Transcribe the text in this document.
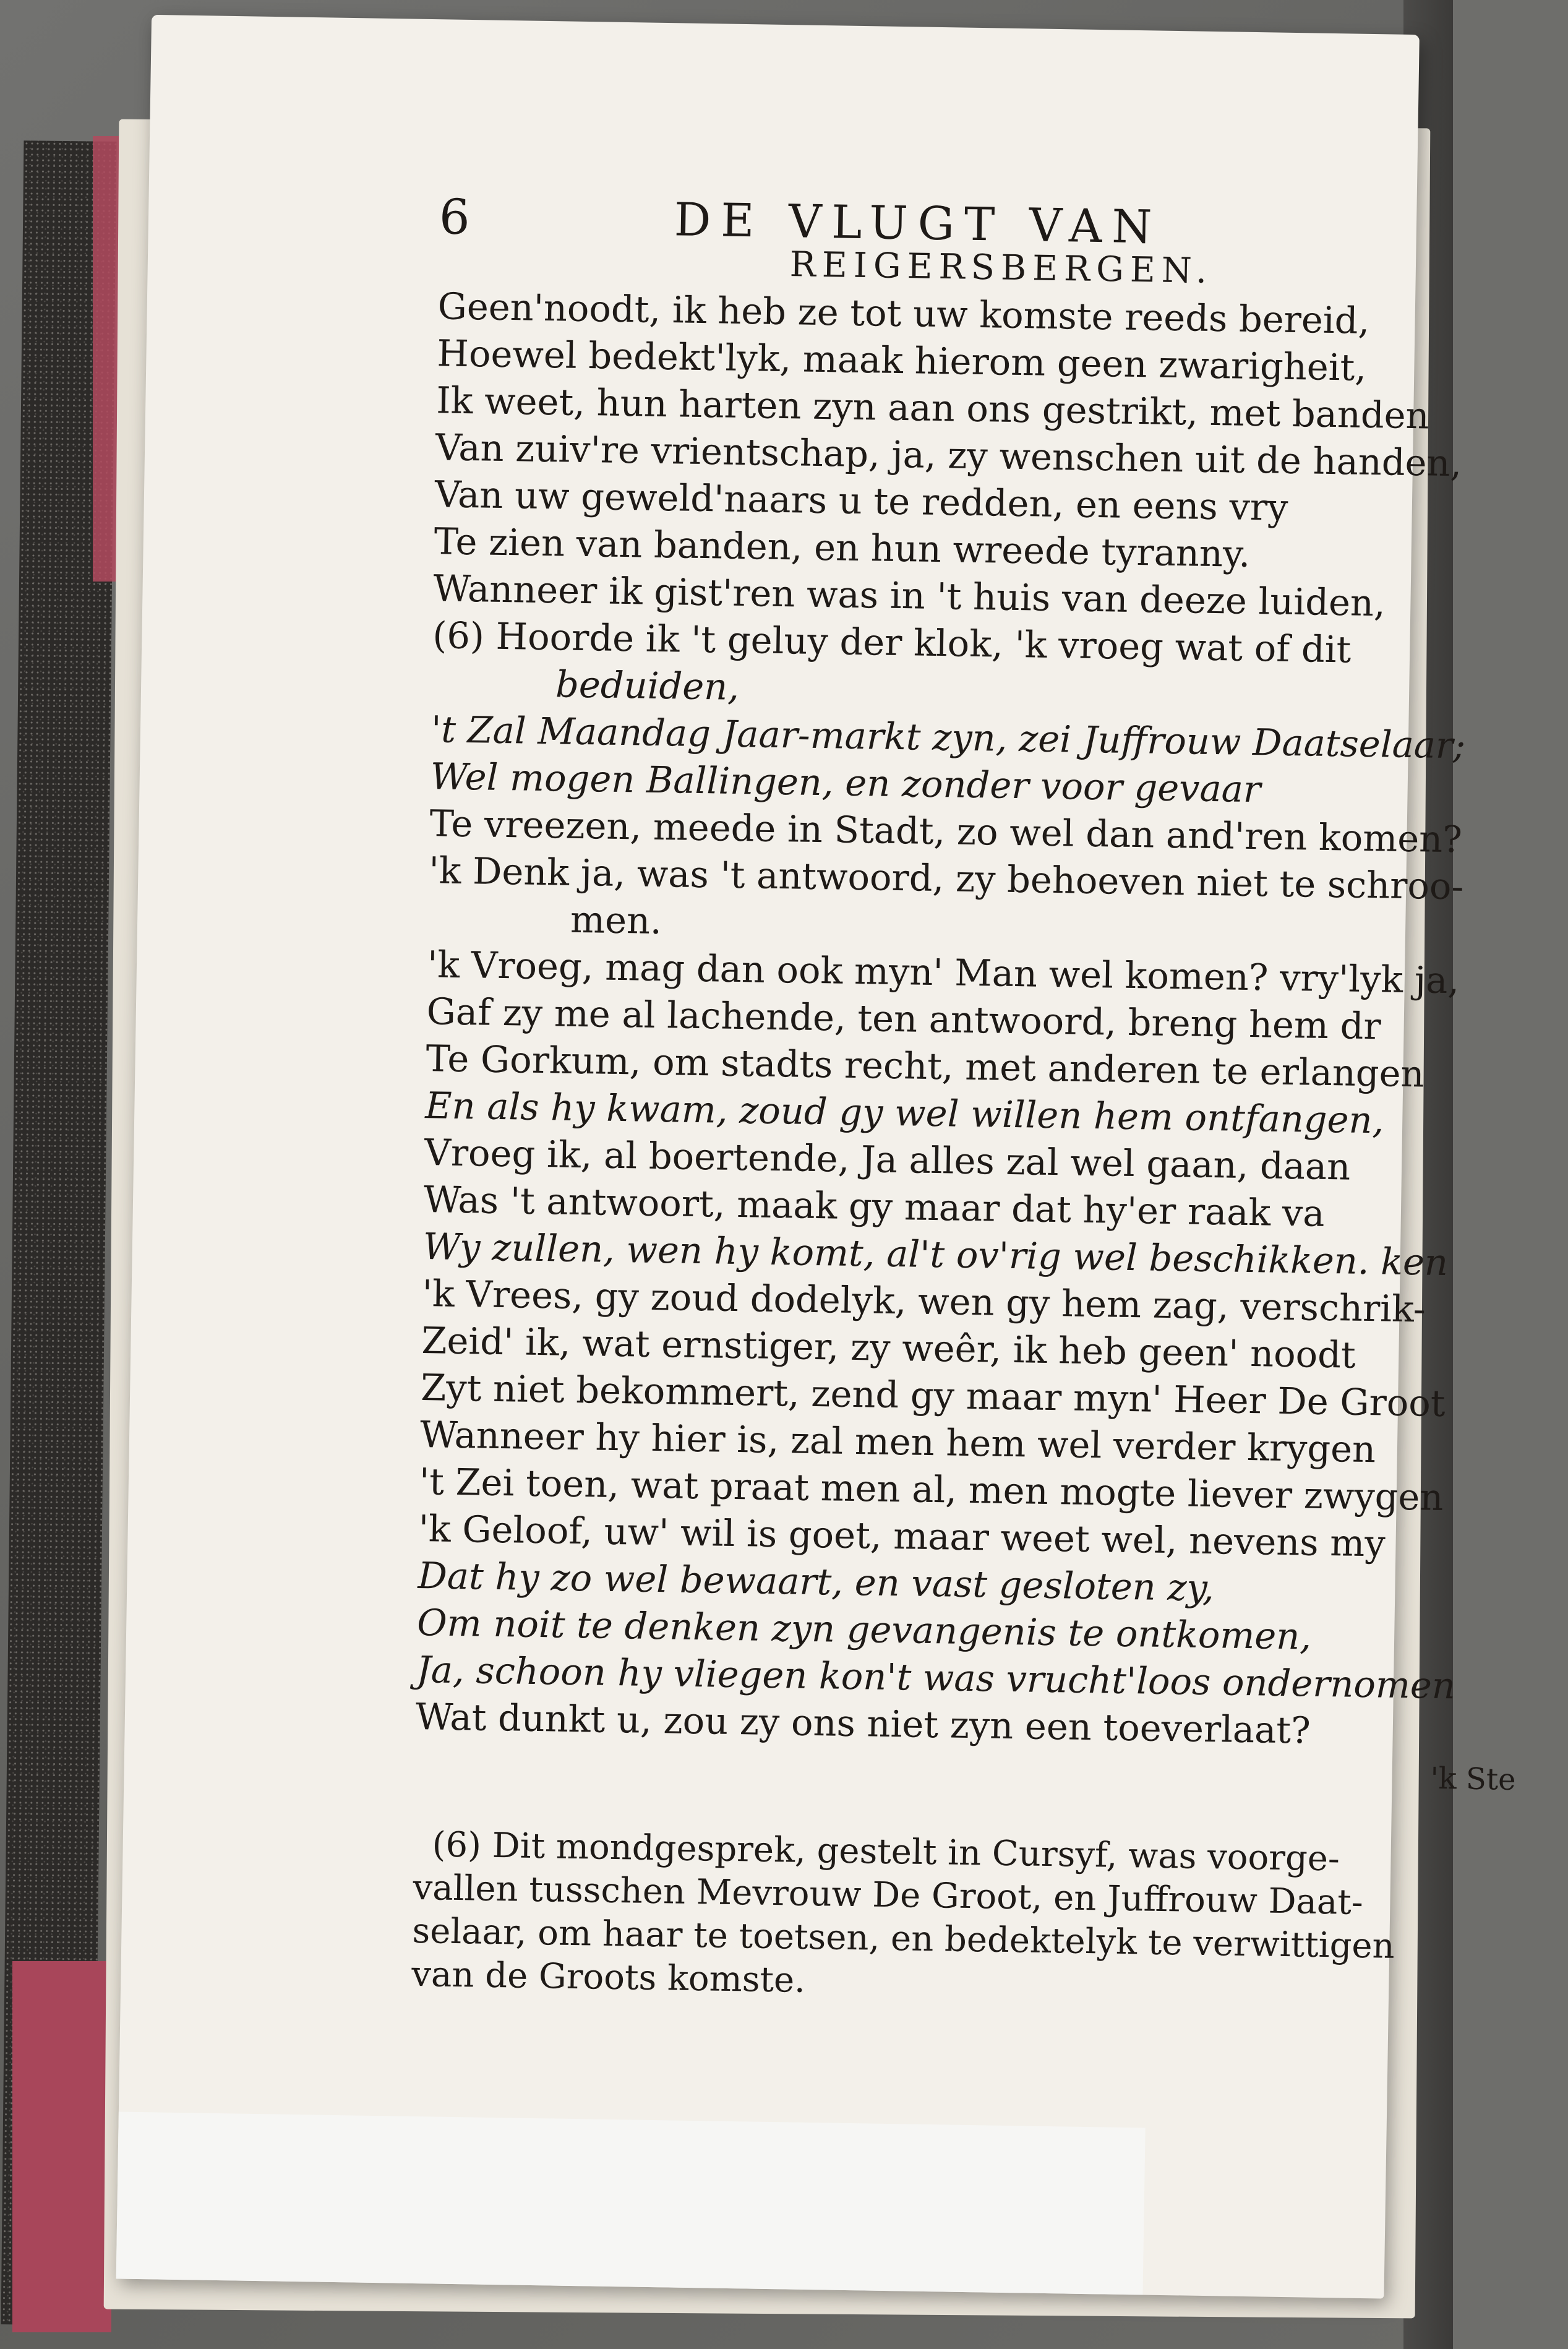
6	DE VLUGT VAN
REIGERSBERGEN.
Geen'noodt, ik heb ze tot uw komste reeds bereid,
Hoewel bedekt'lyk, maak hierom geen zwarigheit,
Ik weet, hun harten zyn aan ons gestrikt, met banden
Van zuiv're vrientschap, ja, zy wenschen uit de handen,
Van uw geweld'naars u te redden, en eens vry
Te zien van banden, en hun wreede tyranny.
Wanneer ik gist'ren was in 't huis van deeze luiden,
(6) Hoorde ik 't geluy der klok, 'k vroeg wat of dit
beduiden,
't Zal Maandag Jaar-markt zyn, zei Juffrouw Daatselaar;
Wel mogen Ballingen, en zonder voor gevaar
Te vreezen, meede in Stadt, zo wel dan and'ren komen?
'k Denk ja, was 't antwoord, zy behoeven niet te schroo-
men.
'k Vroeg, mag dan ook myn' Man wel komen? vry'lyk ja,
Gaf zy me al lachende, ten antwoord, breng hem dr
Te Gorkum, om stadts recht, met anderen te erlangen
En als hy kwam, zoud gy wel willen hem ontfangen,
Vroeg ik, al boertende, Ja alles zal wel gaan, daan
Was 't antwoort, maak gy maar dat hy'er raak va
Wy zullen, wen hy komt, al't ov'rig wel beschikken. ken
'k Vrees, gy zoud dodelyk, wen gy hem zag, verschrik-
Zeid' ik, wat ernstiger, zy weêr, ik heb geen' noodt
Zyt niet bekommert, zend gy maar myn' Heer De Groot
Wanneer hy hier is, zal men hem wel verder krygen
't Zei toen, wat praat men al, men mogte liever zwygen
'k Geloof, uw' wil is goet, maar weet wel, nevens my
Dat hy zo wel bewaart, en vast gesloten zy,
Om noit te denken zyn gevangenis te ontkomen,
Ja, schoon hy vliegen kon't was vrucht'loos ondernomen
Wat dunkt u, zou zy ons niet zyn een toeverlaat?
'k Ste
(6) Dit mondgesprek, gestelt in Cursyf, was voorge-vallen tusschen Mevrouw De Groot, en Juffrouw Daat-selaar, om haar te toetsen, en bedektelyk te verwittigen van de Groots komste.
